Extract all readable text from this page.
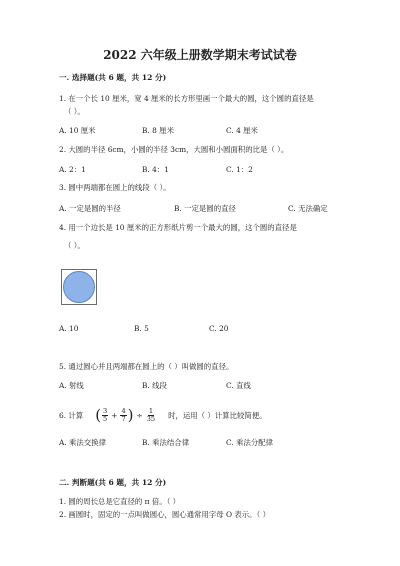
2022 六年级上册数学期末考试试卷
一. 选择题(共 6 题，共 12 分)
1. 在一个长 10 厘米，宽 4 厘米的长方形里画一个最大的圆，这个圆的直径是
（ ）。
A. 10 厘米	B. 8 厘米	C. 4 厘米
2. 大圆的半径 6cm，小圆的半径 3cm，大圆和小圆面积的比是（ ）。
A. 2：1	B. 4：1	C. 1：2
3. 圆中两端都在圆上的线段（ ）。
A. 一定是圆的半径	B. 一定是圆的直径	C. 无法确定
4. 用一个边长是 10 厘米的正方形纸片剪一个最大的圆，这个圆的直径是
（ ）。
A. 10	B. 5	C. 20
5. 通过圆心并且两端都在圆上的（ ）叫做圆的直径。
A. 射线	B. 线段	C. 直线
6. 计算 ( $\frac{3}{5} + \frac{4}{7}$ ) ÷ $\frac{1}{35}$ 时，运用（ ）计算比较简便。
A. 乘法交换律	B. 乘法结合律	C. 乘法分配律
二. 判断题(共 6 题，共 12 分)
1. 圆的周长总是它直径的 π 倍。（ ）
2. 画圆时，固定的一点叫做圆心，圆心通常用字母 O 表示。（ ）
